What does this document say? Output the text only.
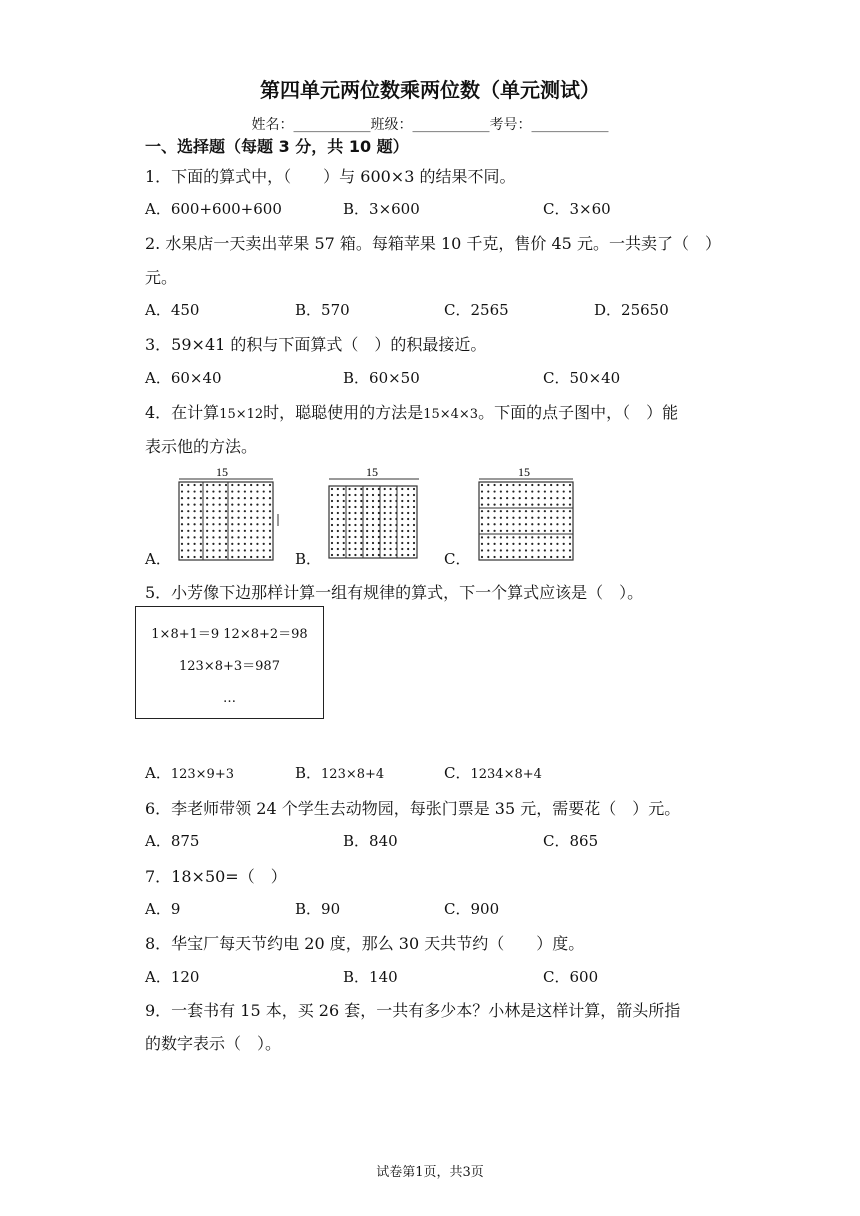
第四单元两位数乘两位数（单元测试）
姓名：___________班级：___________考号：___________
一、选择题（每题 3 分，共 10 题）
1．下面的算式中，（　　）与 600×3 的结果不同。
A．600+600+600	B．3×600	C．3×60
2. 水果店一天卖出苹果 57 箱。每箱苹果 10 千克，售价 45 元。一共卖了（　）
元。
A．450	B．570	C．2565	D．25650
3．59×41 的积与下面算式（　）的积最接近。
A．60×40	B．60×50	C．50×40
4．在计算15×12时，聪聪使用的方法是15×4×3。下面的点子图中，（　）能
表示他的方法。
15
A．
15
B．
15
C．
5．小芳像下边那样计算一组有规律的算式，下一个算式应该是（　）。
1×8+1＝9 12×8+2＝98
123×8+3＝987
…
A．123×9+3	B．123×8+4	C．1234×8+4
6．李老师带领 24 个学生去动物园，每张门票是 35 元，需要花（　）元。
A．875	B．840	C．865
7．18×50=（　）
A．9	B．90	C．900
8．华宝厂每天节约电 20 度，那么 30 天共节约（　　）度。
A．120	B．140	C．600
9．一套书有 15 本，买 26 套，一共有多少本？小林是这样计算，箭头所指
的数字表示（　）。
试卷第1页，共3页
